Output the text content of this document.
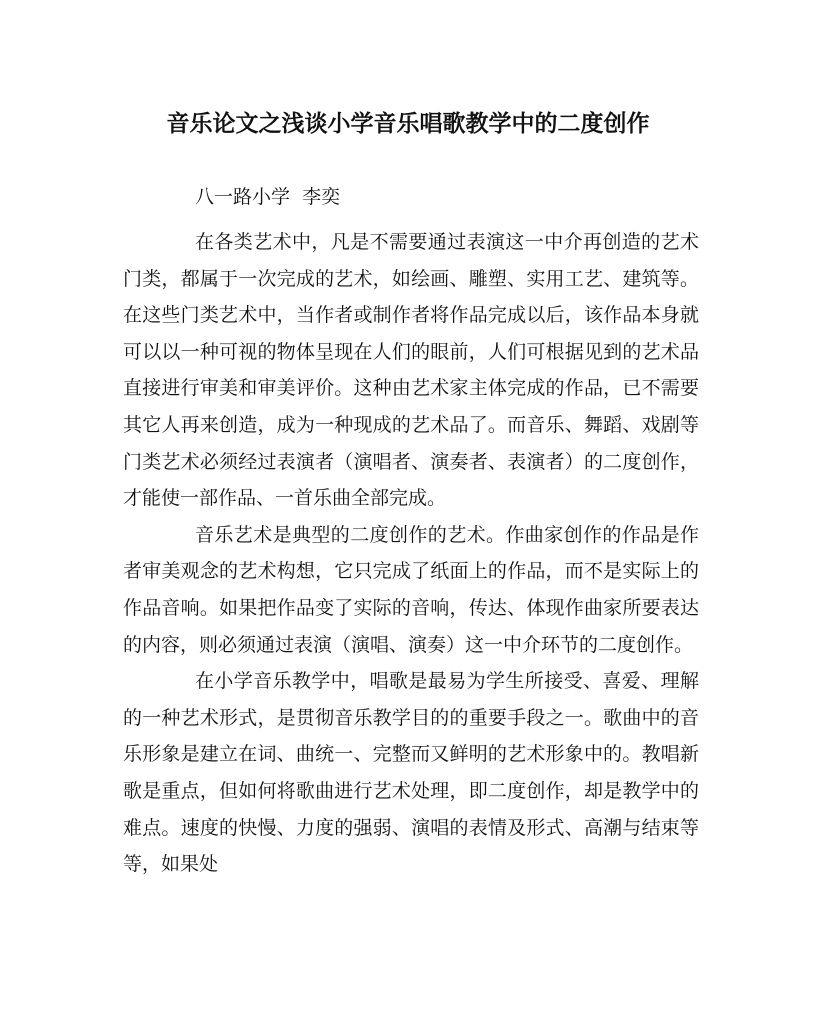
音乐论文之浅谈小学音乐唱歌教学中的二度创作
八一路小学  李奕

在各类艺术中，凡是不需要通过表演这一中介再创造的艺术门类，都属于一次完成的艺术，如绘画、雕塑、实用工艺、建筑等。在这些门类艺术中，当作者或制作者将作品完成以后，该作品本身就可以以一种可视的物体呈现在人们的眼前，人们可根据见到的艺术品直接进行审美和审美评价。这种由艺术家主体完成的作品，已不需要其它人再来创造，成为一种现成的艺术品了。而音乐、舞蹈、戏剧等门类艺术必须经过表演者（演唱者、演奏者、表演者）的二度创作，才能使一部作品、一首乐曲全部完成。

音乐艺术是典型的二度创作的艺术。作曲家创作的作品是作者审美观念的艺术构想，它只完成了纸面上的作品，而不是实际上的作品音响。如果把作品变了实际的音响，传达、体现作曲家所要表达的内容，则必须通过表演（演唱、演奏）这一中介环节的二度创作。

在小学音乐教学中，唱歌是最易为学生所接受、喜爱、理解的一种艺术形式，是贯彻音乐教学目的的重要手段之一。歌曲中的音乐形象是建立在词、曲统一、完整而又鲜明的艺术形象中的。教唱新歌是重点，但如何将歌曲进行艺术处理，即二度创作，却是教学中的难点。速度的快慢、力度的强弱、演唱的表情及形式、高潮与结束等等，如果处
